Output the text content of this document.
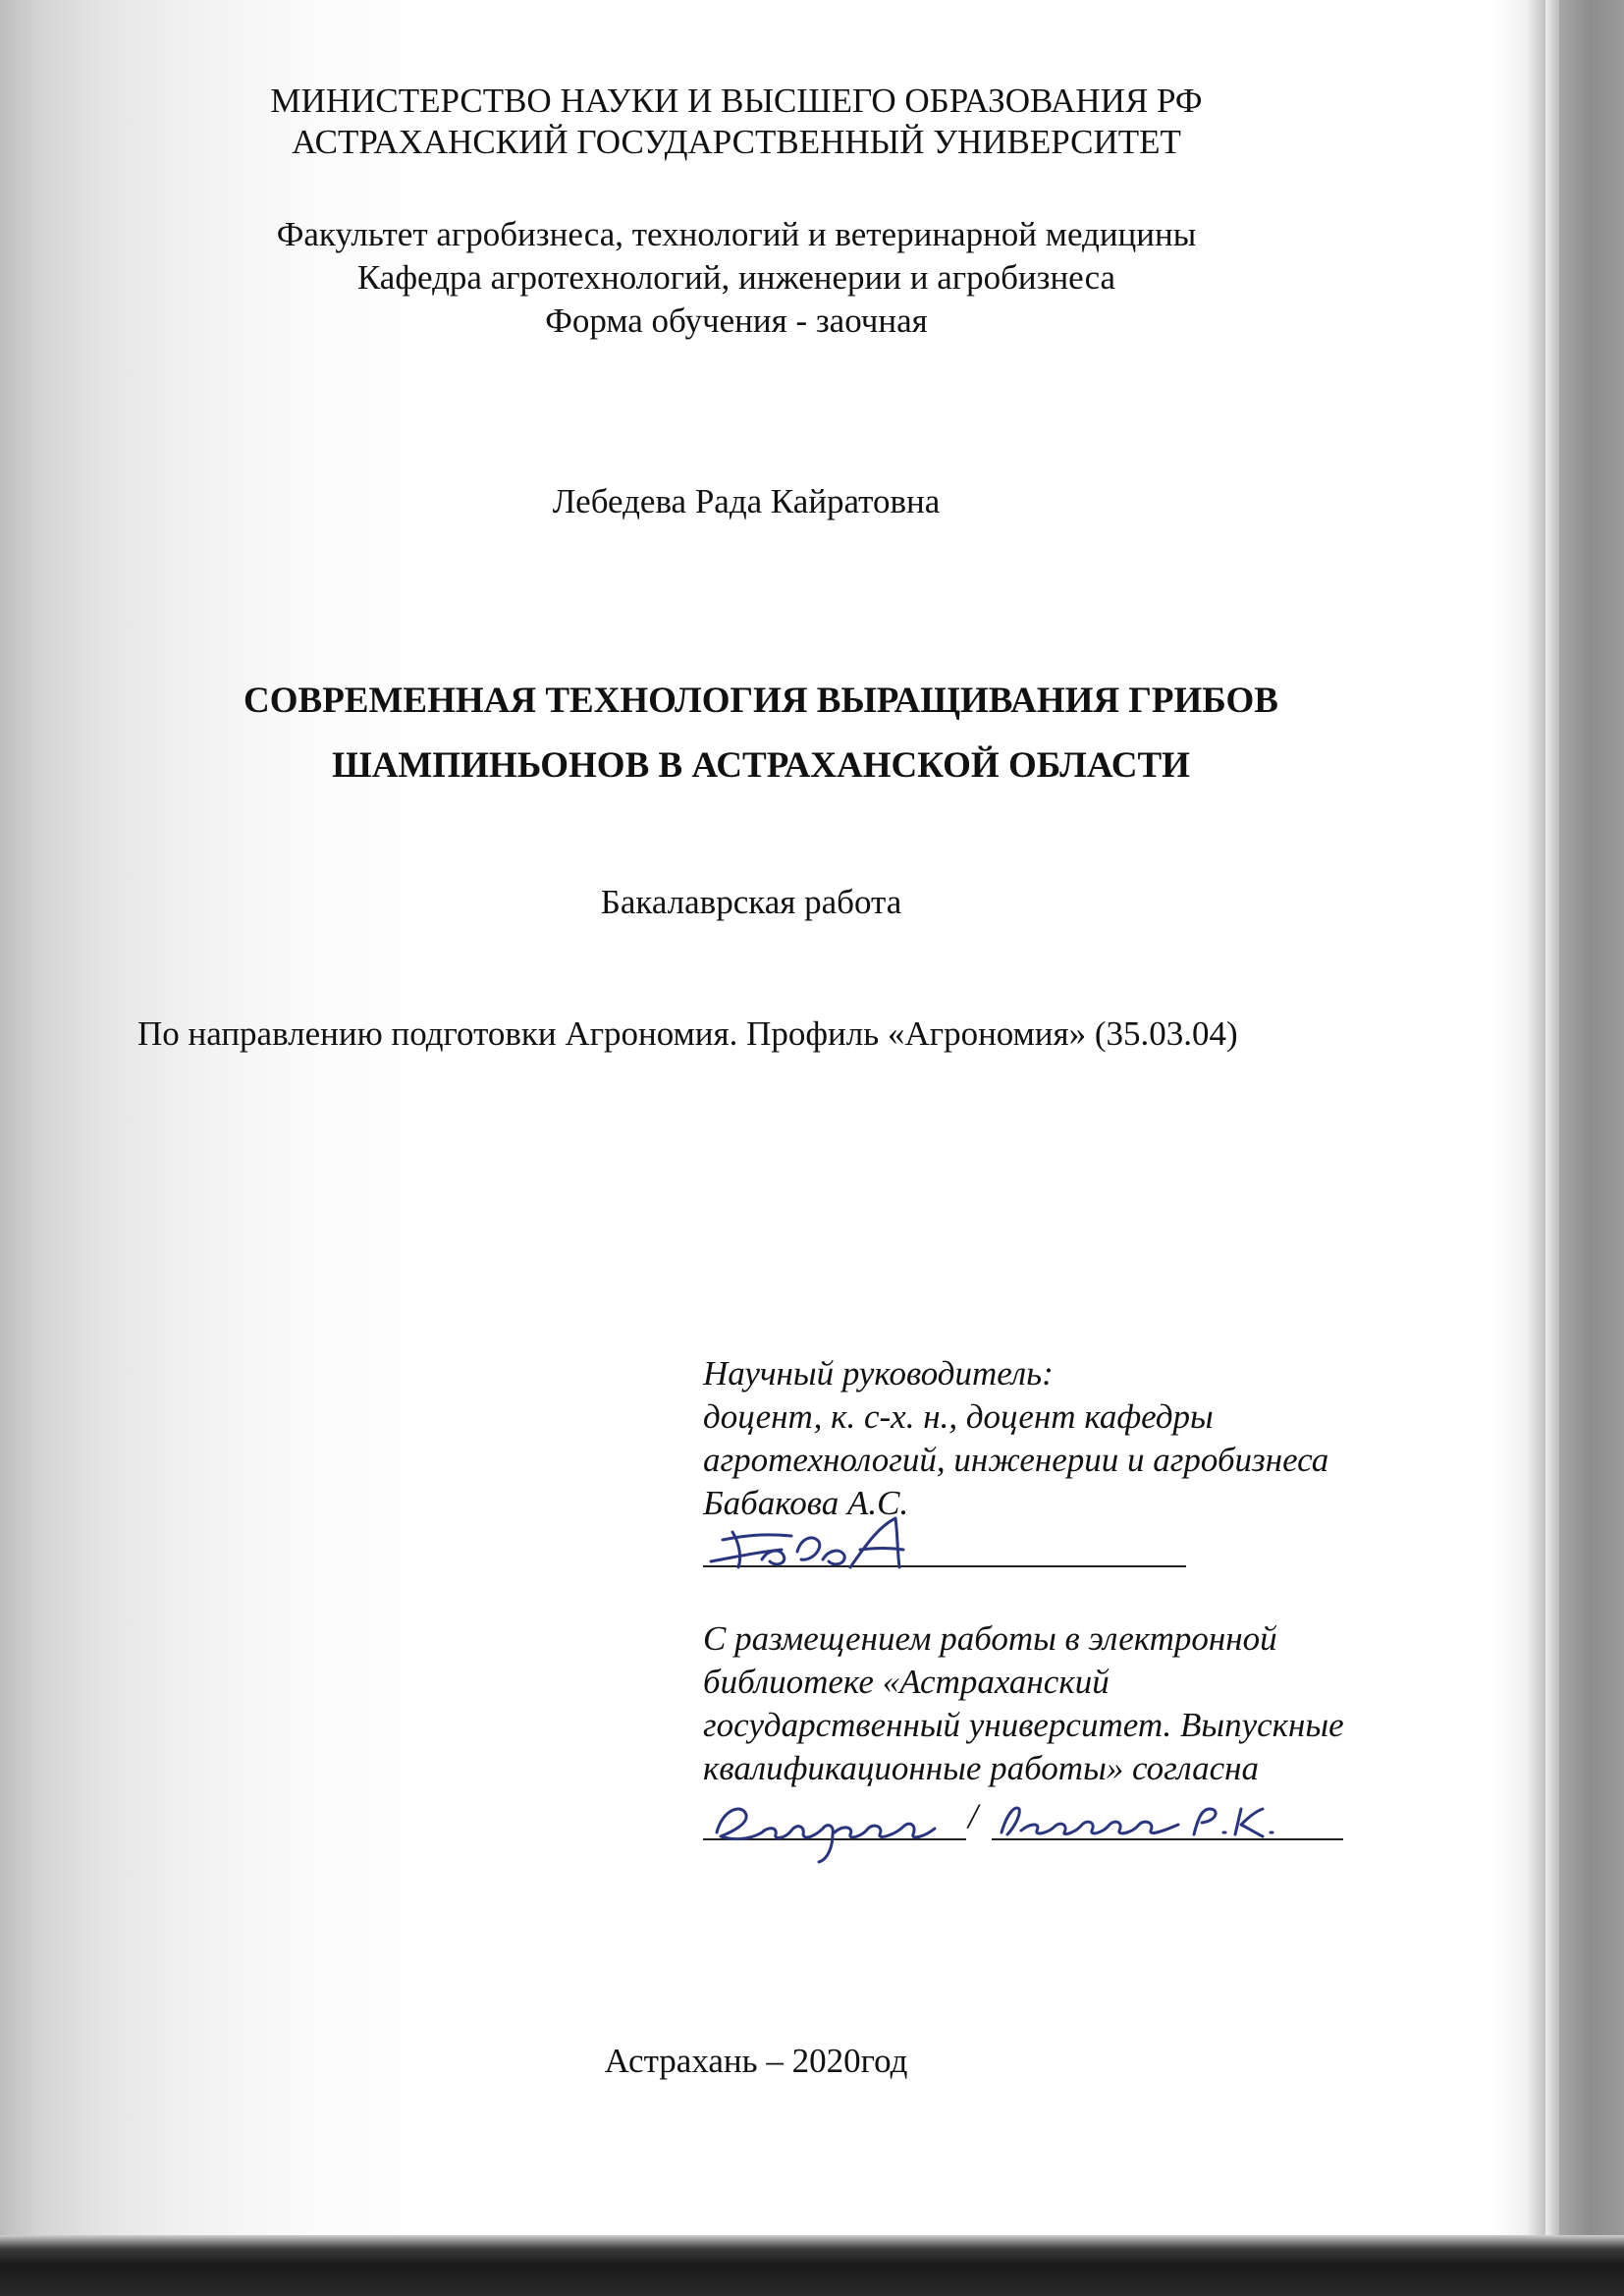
МИНИСТЕРСТВО НАУКИ И ВЫСШЕГО ОБРАЗОВАНИЯ РФ
АСТРАХАНСКИЙ ГОСУДАРСТВЕННЫЙ УНИВЕРСИТЕТ
Факультет агробизнеса, технологий и ветеринарной медицины
Кафедра агротехнологий, инженерии и агробизнеса
Форма обучения - заочная
Лебедева Рада Кайратовна
СОВРЕМЕННАЯ ТЕХНОЛОГИЯ ВЫРАЩИВАНИЯ ГРИБОВ
ШАМПИНЬОНОВ В АСТРАХАНСКОЙ ОБЛАСТИ
Бакалаврская работа
По направлению подготовки Агрономия. Профиль «Агрономия» (35.03.04)
Научный руководитель:
доцент, к. с-х. н., доцент кафедры
агротехнологий, инженерии и агробизнеса
Бабакова А.С.
С размещением работы в электронной
библиотеке «Астраханский
государственный университет. Выпускные
квалификационные работы» согласна
/
Астрахань – 2020год
